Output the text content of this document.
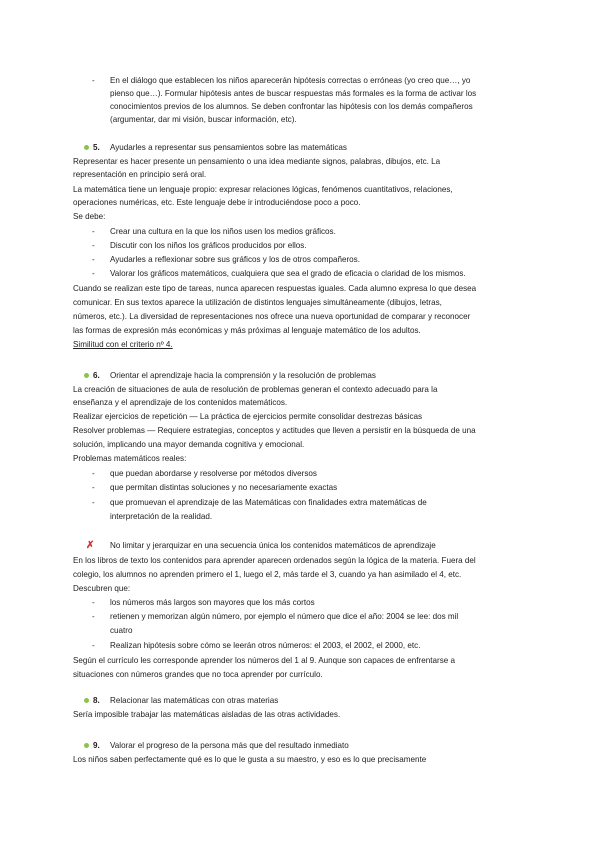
- En el diálogo que establecen los niños aparecerán hipótesis correctas o erróneas (yo creo que…, yo
pienso que…). Formular hipótesis antes de buscar respuestas más formales es la forma de activar los
conocimientos previos de los alumnos. Se deben confrontar las hipótesis con los demás compañeros
(argumentar, dar mi visión, buscar información, etc).
5. Ayudarles a representar sus pensamientos sobre las matemáticas
Representar es hacer presente un pensamiento o una idea mediante signos, palabras, dibujos, etc. La
representación en principio será oral.
La matemática tiene un lenguaje propio: expresar relaciones lógicas, fenómenos cuantitativos, relaciones,
operaciones numéricas, etc. Este lenguaje debe ir introduciéndose poco a poco.
Se debe:
- Crear una cultura en la que los niños usen los medios gráficos.
- Discutir con los niños los gráficos producidos por ellos.
- Ayudarles a reflexionar sobre sus gráficos y los de otros compañeros.
- Valorar los gráficos matemáticos, cualquiera que sea el grado de eficacia o claridad de los mismos.
Cuando se realizan este tipo de tareas, nunca aparecen respuestas iguales. Cada alumno expresa lo que desea
comunicar. En sus textos aparece la utilización de distintos lenguajes simultáneamente (dibujos, letras,
números, etc.). La diversidad de representaciones nos ofrece una nueva oportunidad de comparar y reconocer
las formas de expresión más económicas y más próximas al lenguaje matemático de los adultos.
Similitud con el criterio nº 4.
6. Orientar el aprendizaje hacia la comprensión y la resolución de problemas
La creación de situaciones de aula de resolución de problemas generan el contexto adecuado para la
enseñanza y el aprendizaje de los contenidos matemáticos.
Realizar ejercicios de repetición — La práctica de ejercicios permite consolidar destrezas básicas
Resolver problemas — Requiere estrategias, conceptos y actitudes que lleven a persistir en la búsqueda de una
solución, implicando una mayor demanda cognitiva y emocional.
Problemas matemáticos reales:
- que puedan abordarse y resolverse por métodos diversos
- que permitan distintas soluciones y no necesariamente exactas
- que promuevan el aprendizaje de las Matemáticas con finalidades extra matemáticas de
interpretación de la realidad.
✗ No limitar y jerarquizar en una secuencia única los contenidos matemáticos de aprendizaje
En los libros de texto los contenidos para aprender aparecen ordenados según la lógica de la materia. Fuera del
colegio, los alumnos no aprenden primero el 1, luego el 2, más tarde el 3, cuando ya han asimilado el 4, etc.
Descubren que:
- los números más largos son mayores que los más cortos
- retienen y memorizan algún número, por ejemplo el número que dice el año: 2004 se lee: dos mil
cuatro
- Realizan hipótesis sobre cómo se leerán otros números: el 2003, el 2002, el 2000, etc.
Según el currículo les corresponde aprender los números del 1 al 9. Aunque son capaces de enfrentarse a
situaciones con números grandes que no toca aprender por currículo.
8. Relacionar las matemáticas con otras materias
Sería imposible trabajar las matemáticas aisladas de las otras actividades.
9. Valorar el progreso de la persona más que del resultado inmediato
Los niños saben perfectamente qué es lo que le gusta a su maestro, y eso es lo que precisamente
